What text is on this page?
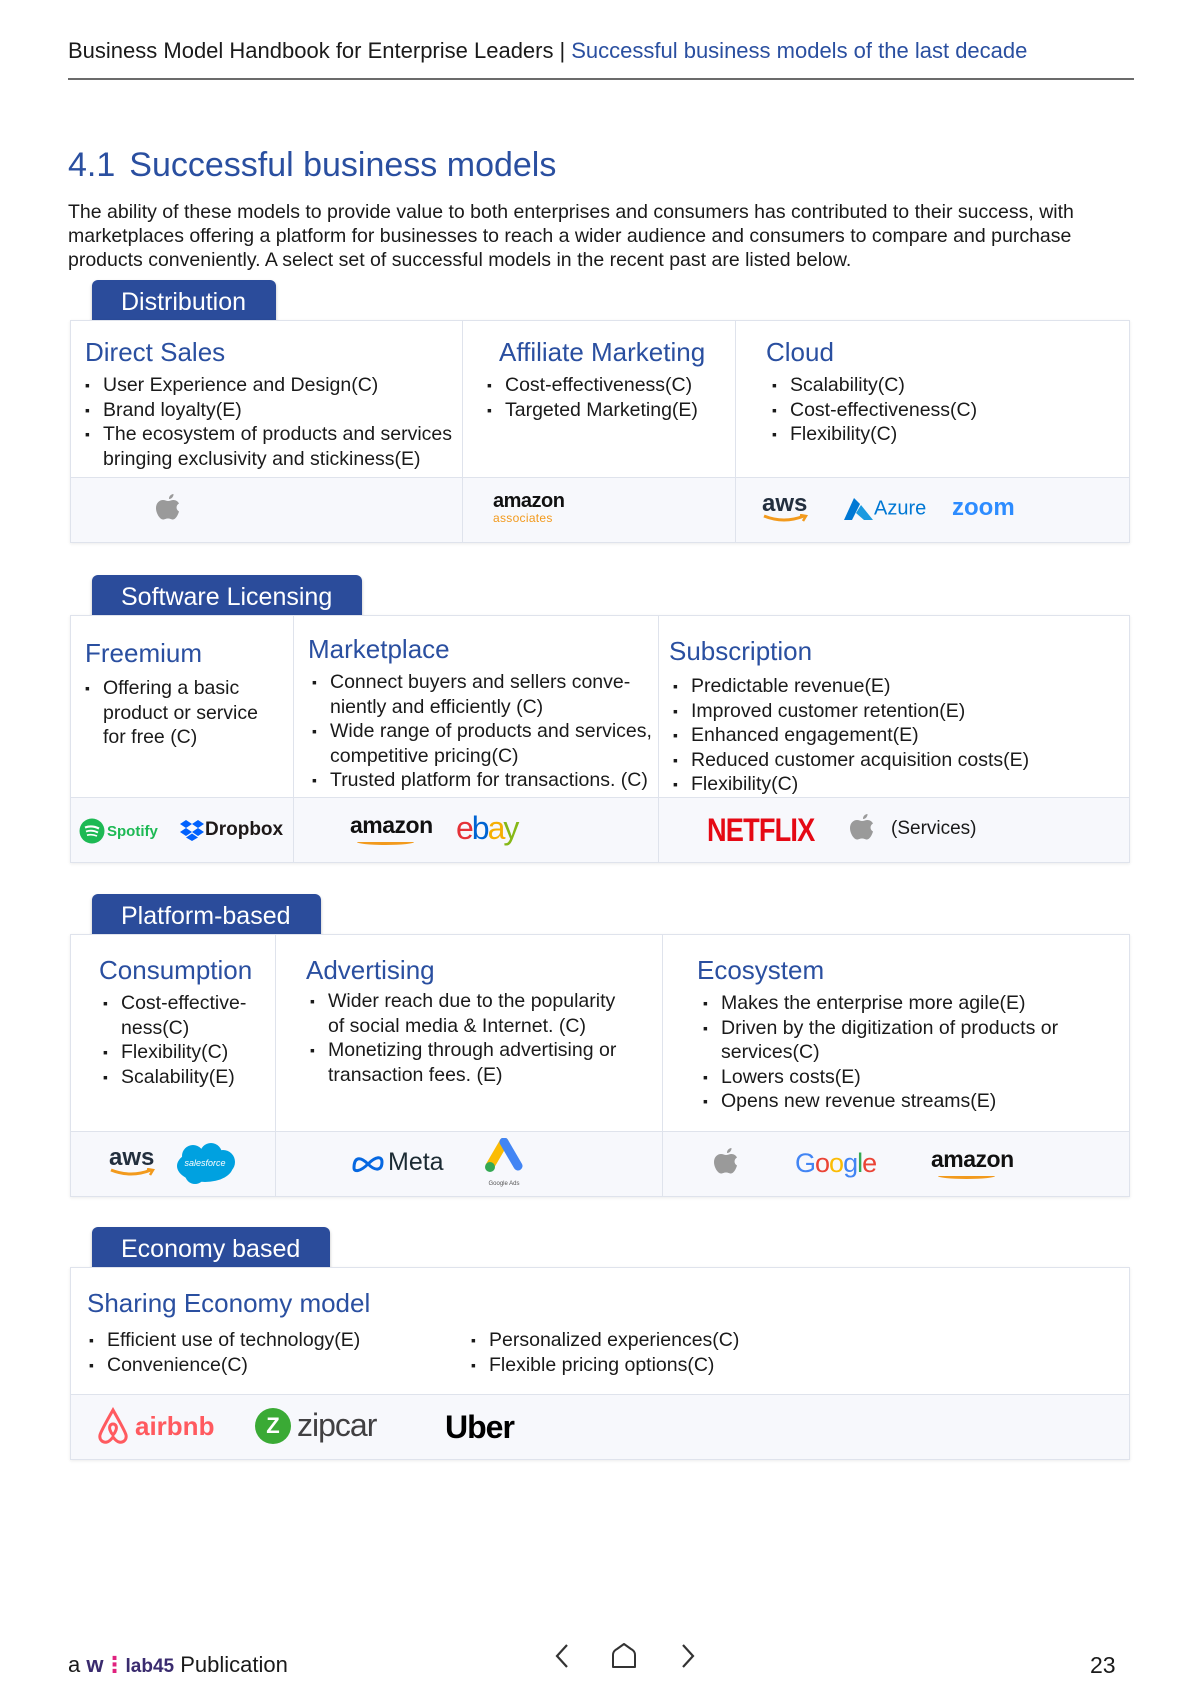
Business Model Handbook for Enterprise Leaders | Successful business models of the last decade
4.1 Successful business models
The ability of these models to provide value to both enterprises and consumers has contributed to their success, with marketplaces offering a platform for businesses to reach a wider audience and consumers to compare and purchase products conveniently. A select set of successful models in the recent past are listed below.
Distribution
Direct Sales
▪ User Experience and Design(C)
▪ Brand loyalty(E)
▪ The ecosystem of products and services bringing exclusivity and stickiness(E)
Affiliate Marketing
▪ Cost-effectiveness(C)
▪ Targeted Marketing(E)
Cloud
▪ Scalability(C)
▪ Cost-effectiveness(C)
▪ Flexibility(C)
amazon
associates
aws	Azure zoom
Software Licensing
Freemium
▪ Offering a basic product or service for free (C)
Marketplace
▪ Connect buyers and sellers conve-niently and efficiently (C)
▪ Wide range of products and services, competitive pricing(C)
▪ Trusted platform for transactions. (C)
Subscription
▪ Predictable revenue(E)
▪ Improved customer retention(E)
▪ Enhanced engagement(E)
▪ Reduced customer acquisition costs(E)
▪ Flexibility(C)
Spotify	Dropbox	amazon ebay	NETFLIX	(Services)
Platform-based
Consumption
▪ Cost-effective-ness(C)
▪ Flexibility(C)
▪ Scalability(E)
Advertising
▪ Wider reach due to the popularity of social media & Internet. (C)
▪ Monetizing through advertising or transaction fees. (E)
Ecosystem
▪ Makes the enterprise more agile(E)
▪ Driven by the digitization of products or services(C)
▪ Lowers costs(E)
▪ Opens new revenue streams(E)
aws	salesforce	Meta
Google Ads
Google amazon
Economy based
Sharing Economy model
▪ Efficient use of technology(E)
▪ Convenience(C)
▪ Personalized experiences(C)
▪ Flexible pricing options(C)
airbnb	Z zipcar Uber
a w⋮lab45 Publication	23
